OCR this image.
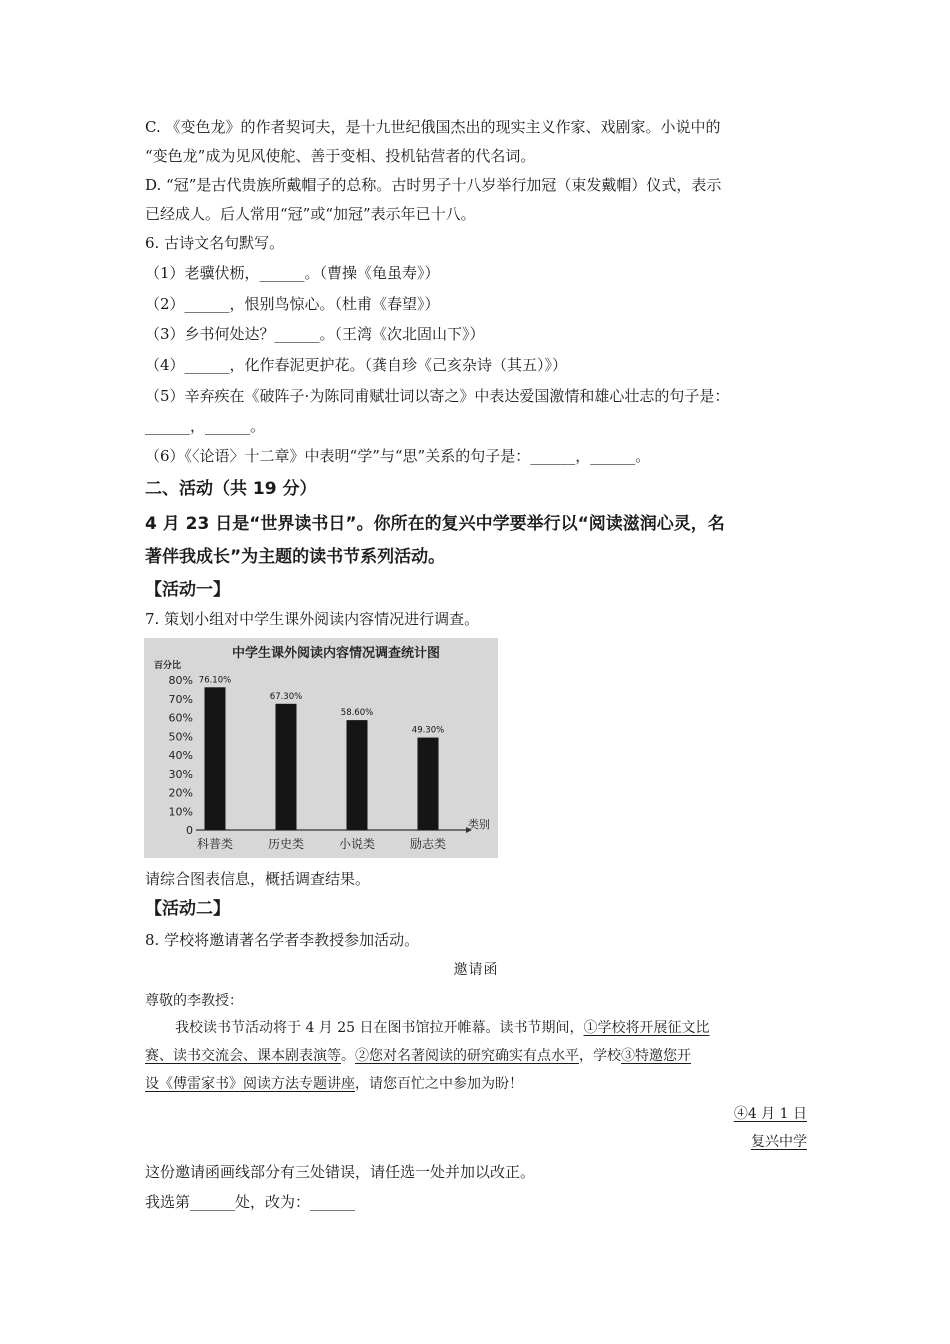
C. 《变色龙》的作者契诃夫，是十九世纪俄国杰出的现实主义作家、戏剧家。小说中的
“变色龙”成为见风使舵、善于变相、投机钻营者的代名词。
D. “冠”是古代贵族所戴帽子的总称。古时男子十八岁举行加冠（束发戴帽）仪式，表示
已经成人。后人常用“冠”或“加冠”表示年已十八。
6. 古诗文名句默写。
（1）老骥伏枥，______。（曹操《龟虽寿》）
（2）______，恨别鸟惊心。（杜甫《春望》）
（3）乡书何处达？______。（王湾《次北固山下》）
（4）______，化作春泥更护花。（龚自珍《己亥杂诗（其五）》）
（5）辛弃疾在《破阵子·为陈同甫赋壮词以寄之》中表达爱国激情和雄心壮志的句子是：
______，______。
（6）《〈论语〉十二章》中表明“学”与“思”关系的句子是：______，______。
二、活动（共 19 分）
4 月 23 日是“世界读书日”。你所在的复兴中学要举行以“阅读滋润心灵，名
著伴我成长”为主题的读书节系列活动。
【活动一】
7. 策划小组对中学生课外阅读内容情况进行调查。
中学生课外阅读内容情况调查统计图
百分比
类别
0
10%
20%
30%
40%
50%
60%
70%
80% 76.10%
科普类
67.30%
历史类
58.60%
小说类
49.30%
励志类
请综合图表信息，概括调查结果。
【活动二】
8. 学校将邀请著名学者李教授参加活动。
邀请函
尊敬的李教授：
我校读书节活动将于 4 月 25 日在图书馆拉开帷幕。读书节期间，①学校将开展征文比
赛、读书交流会、课本剧表演等。②您对名著阅读的研究确实有点水平，学校③特邀您开
设《傅雷家书》阅读方法专题讲座，请您百忙之中参加为盼！
④4 月 1 日
复兴中学
这份邀请函画线部分有三处错误，请任选一处并加以改正。
我选第______处，改为：______
